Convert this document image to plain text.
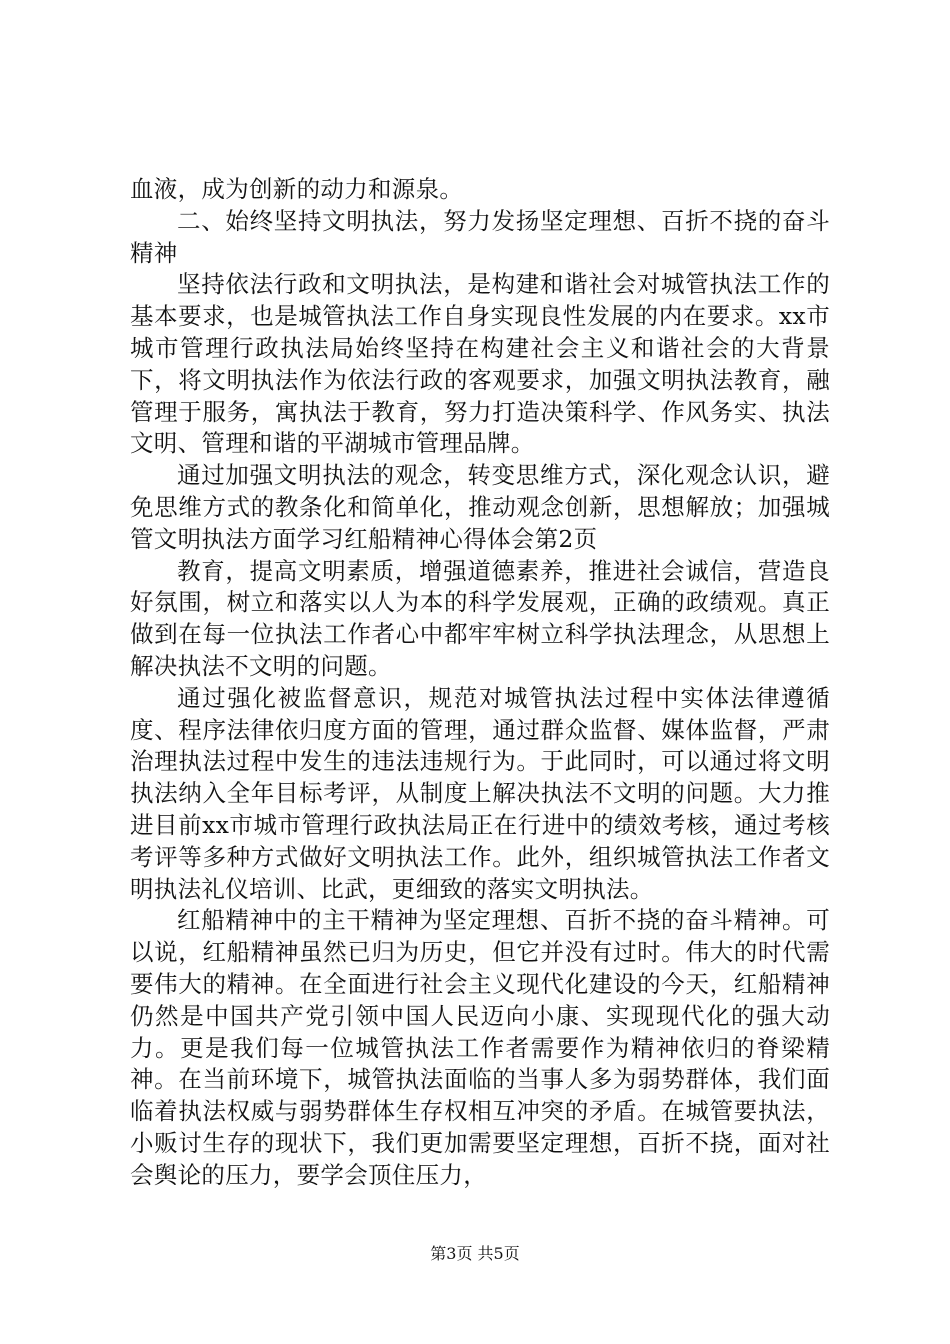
血液，成为创新的动力和源泉。

二、始终坚持文明执法，努力发扬坚定理想、百折不挠的奋斗精神

坚持依法行政和文明执法，是构建和谐社会对城管执法工作的基本要求，也是城管执法工作自身实现良性发展的内在要求。xx市城市管理行政执法局始终坚持在构建社会主义和谐社会的大背景下，将文明执法作为依法行政的客观要求，加强文明执法教育，融管理于服务，寓执法于教育，努力打造决策科学、作风务实、执法文明、管理和谐的平湖城市管理品牌。

通过加强文明执法的观念，转变思维方式，深化观念认识，避免思维方式的教条化和简单化，推动观念创新，思想解放；加强城管文明执法方面学习红船精神心得体会第2页

教育，提高文明素质，增强道德素养，推进社会诚信，营造良好氛围，树立和落实以人为本的科学发展观，正确的政绩观。真正做到在每一位执法工作者心中都牢牢树立科学执法理念，从思想上解决执法不文明的问题。

通过强化被监督意识，规范对城管执法过程中实体法律遵循度、程序法律依归度方面的管理，通过群众监督、媒体监督，严肃治理执法过程中发生的违法违规行为。于此同时，可以通过将文明执法纳入全年目标考评，从制度上解决执法不文明的问题。大力推进目前xx市城市管理行政执法局正在行进中的绩效考核，通过考核考评等多种方式做好文明执法工作。此外，组织城管执法工作者文明执法礼仪培训、比武，更细致的落实文明执法。

红船精神中的主干精神为坚定理想、百折不挠的奋斗精神。可以说，红船精神虽然已归为历史，但它并没有过时。伟大的时代需要伟大的精神。在全面进行社会主义现代化建设的今天，红船精神仍然是中国共产党引领中国人民迈向小康、实现现代化的强大动力。更是我们每一位城管执法工作者需要作为精神依归的脊梁精神。在当前环境下，城管执法面临的当事人多为弱势群体，我们面临着执法权威与弱势群体生存权相互冲突的矛盾。在城管要执法，小贩讨生存的现状下，我们更加需要坚定理想，百折不挠，面对社会舆论的压力，要学会顶住压力，

第3页 共5页
